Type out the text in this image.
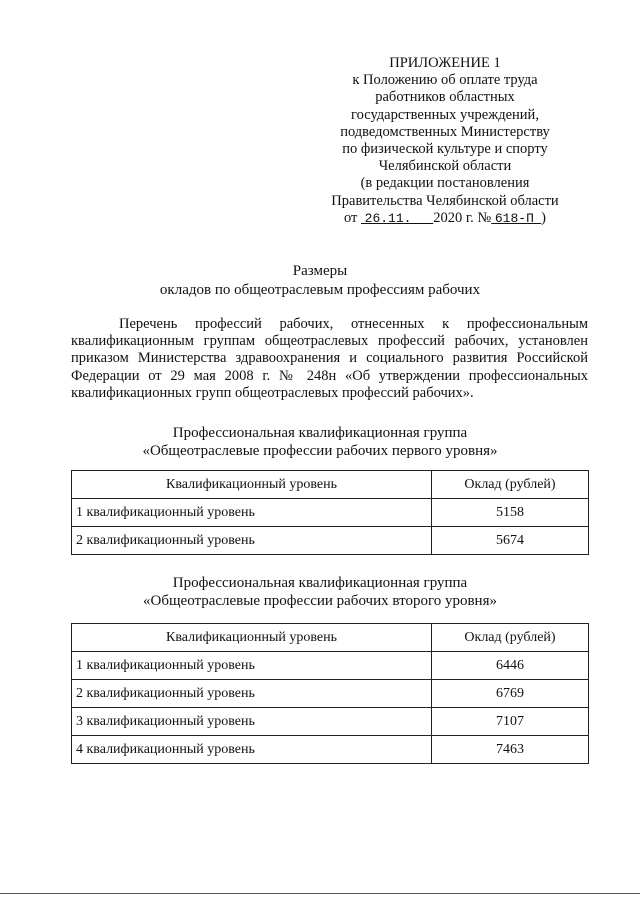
ПРИЛОЖЕНИЕ 1
к Положению об оплате труда
работников областных
государственных учреждений,
подведомственных Министерству
по физической культуре и спорту
Челябинской области
(в редакции постановления
Правительства Челябинской области
от 26.11. 2020 г. № 618-П )
Размеры
окладов по общеотраслевым профессиям рабочих
Перечень профессий рабочих, отнесенных к профессиональным квалификационным группам общеотраслевых профессий рабочих, установлен приказом Министерства здравоохранения и социального развития Российской Федерации от 29 мая 2008 г. № 248н «Об утверждении профессиональных квалификационных групп общеотраслевых профессий рабочих».
Профессиональная квалификационная группа
«Общеотраслевые профессии рабочих первого уровня»
Квалификационный уровень	Оклад (рублей)
1 квалификационный уровень	5158
2 квалификационный уровень	5674
Профессиональная квалификационная группа
«Общеотраслевые профессии рабочих второго уровня»
Квалификационный уровень	Оклад (рублей)
1 квалификационный уровень	6446
2 квалификационный уровень	6769
3 квалификационный уровень	7107
4 квалификационный уровень	7463
